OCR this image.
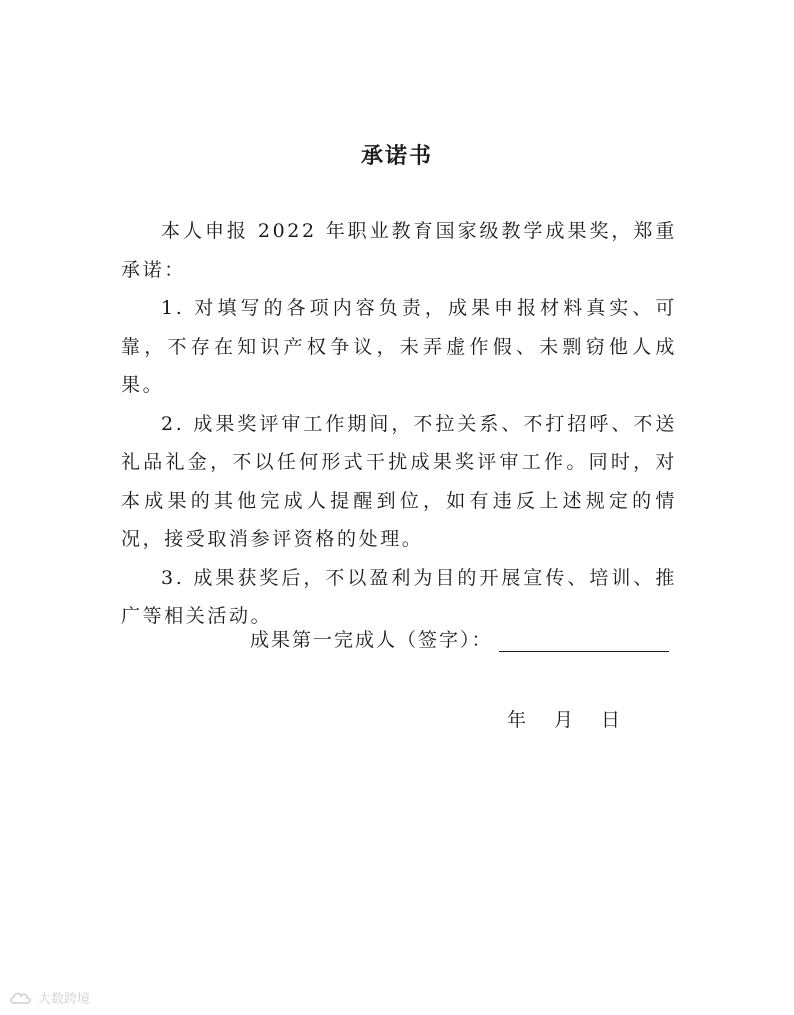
承诺书

本人申报 2022 年职业教育国家级教学成果奖，郑重承诺：

1. 对填写的各项内容负责，成果申报材料真实、可靠，不存在知识产权争议，未弄虚作假、未剽窃他人成果。

2. 成果奖评审工作期间，不拉关系、不打招呼、不送礼品礼金，不以任何形式干扰成果奖评审工作。同时，对本成果的其他完成人提醒到位，如有违反上述规定的情况，接受取消参评资格的处理。

3. 成果获奖后，不以盈利为目的开展宣传、培训、推广等相关活动。

成果第一完成人（签字）：
年 月 日
大数跨境
